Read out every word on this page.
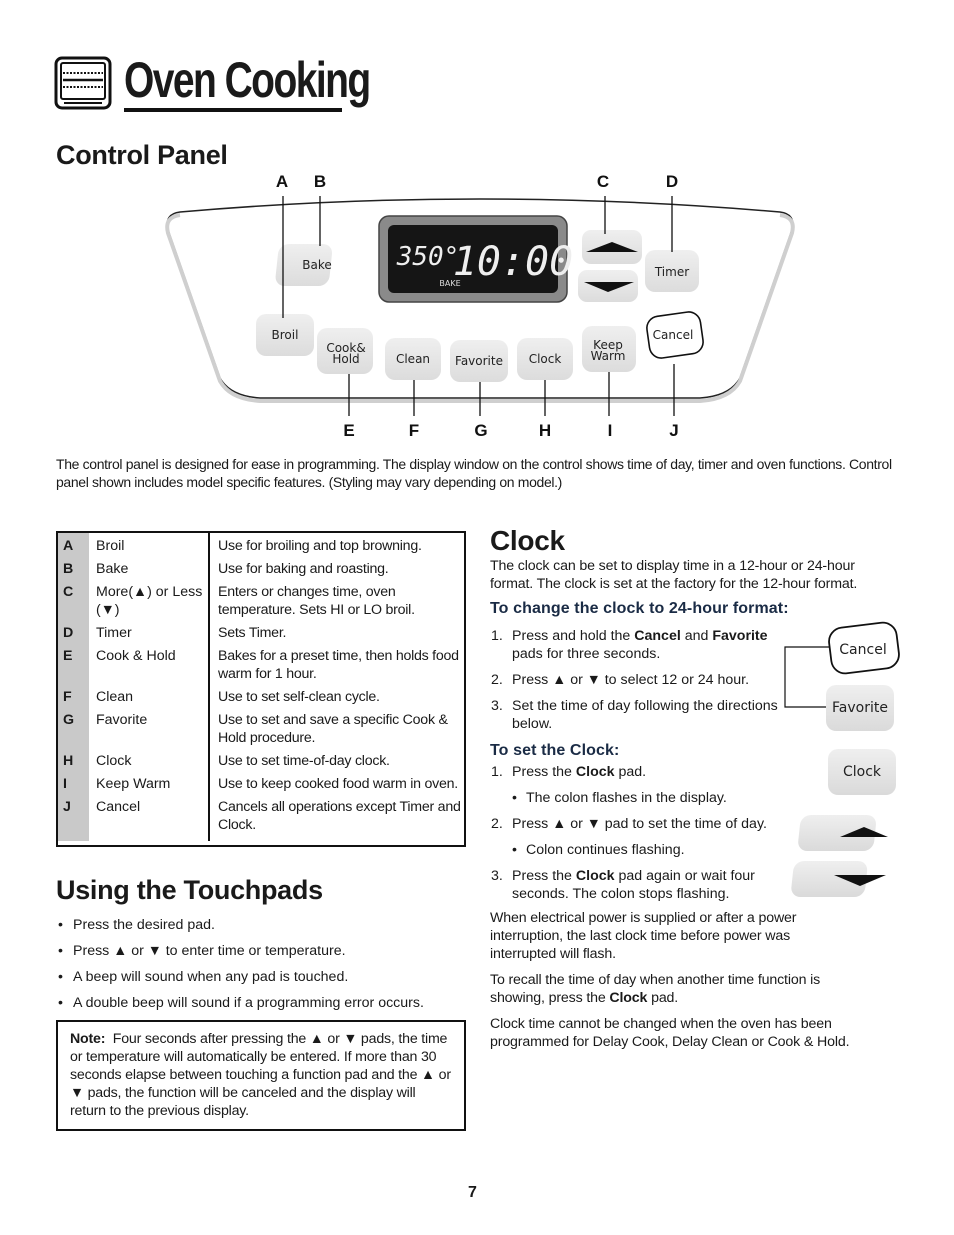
Oven Cooking
Control Panel
350°
10:00
BAKE
Bake	Timer
Broil
Cook&
Hold	Clean Favorite Clock
Keep
Warm
Cancel
A B	C	D
E	F	G	H	I	J
The control panel is designed for ease in programming. The display window on the control shows time of day, timer and oven functions. Control panel shown includes model specific features. (Styling may vary depending on model.)
A	Broil	Use for broiling and top browning.
B	Bake	Use for baking and roasting.
C	More(▲) or Less (▼)	Enters or changes time, oven temperature. Sets HI or LO broil.
D	Timer	Sets Timer.
E	Cook & Hold	Bakes for a preset time, then holds food warm for 1 hour.
F	Clean	Use to set self-clean cycle.
G	Favorite	Use to set and save a specific Cook & Hold procedure.
H	Clock	Use to set time-of-day clock.
I	Keep Warm	Use to keep cooked food warm in oven.
J	Cancel	Cancels all operations except Timer and Clock.
Using the Touchpads
• Press the desired pad.
• Press ▲ or ▼ to enter time or temperature.
• A beep will sound when any pad is touched.
• A double beep will sound if a programming error occurs.
Note: Four seconds after pressing the ▲ or ▼ pads, the time or temperature will automatically be entered. If more than 30 seconds elapse between touching a function pad and the ▲ or ▼ pads, the function will be canceled and the display will return to the previous display.
Clock
The clock can be set to display time in a 12-hour or 24-hour format. The clock is set at the factory for the 12-hour format.
To change the clock to 24-hour format:
1. Press and hold the Cancel and Favorite pads for three seconds.
2. Press ▲ or ▼ to select 12 or 24 hour.
3. Set the time of day following the directions below.
To set the Clock:
1. Press the Clock pad.
• The colon flashes in the display.
2. Press ▲ or ▼ pad to set the time of day.
• Colon continues flashing.
3. Press the Clock pad again or wait four seconds. The colon stops flashing.
When electrical power is supplied or after a power interruption, the last clock time before power was interrupted will flash.
To recall the time of day when another time function is showing, press the Clock pad.
Clock time cannot be changed when the oven has been programmed for Delay Cook, Delay Clean or Cook & Hold.
Cancel
Favorite
Clock
7
